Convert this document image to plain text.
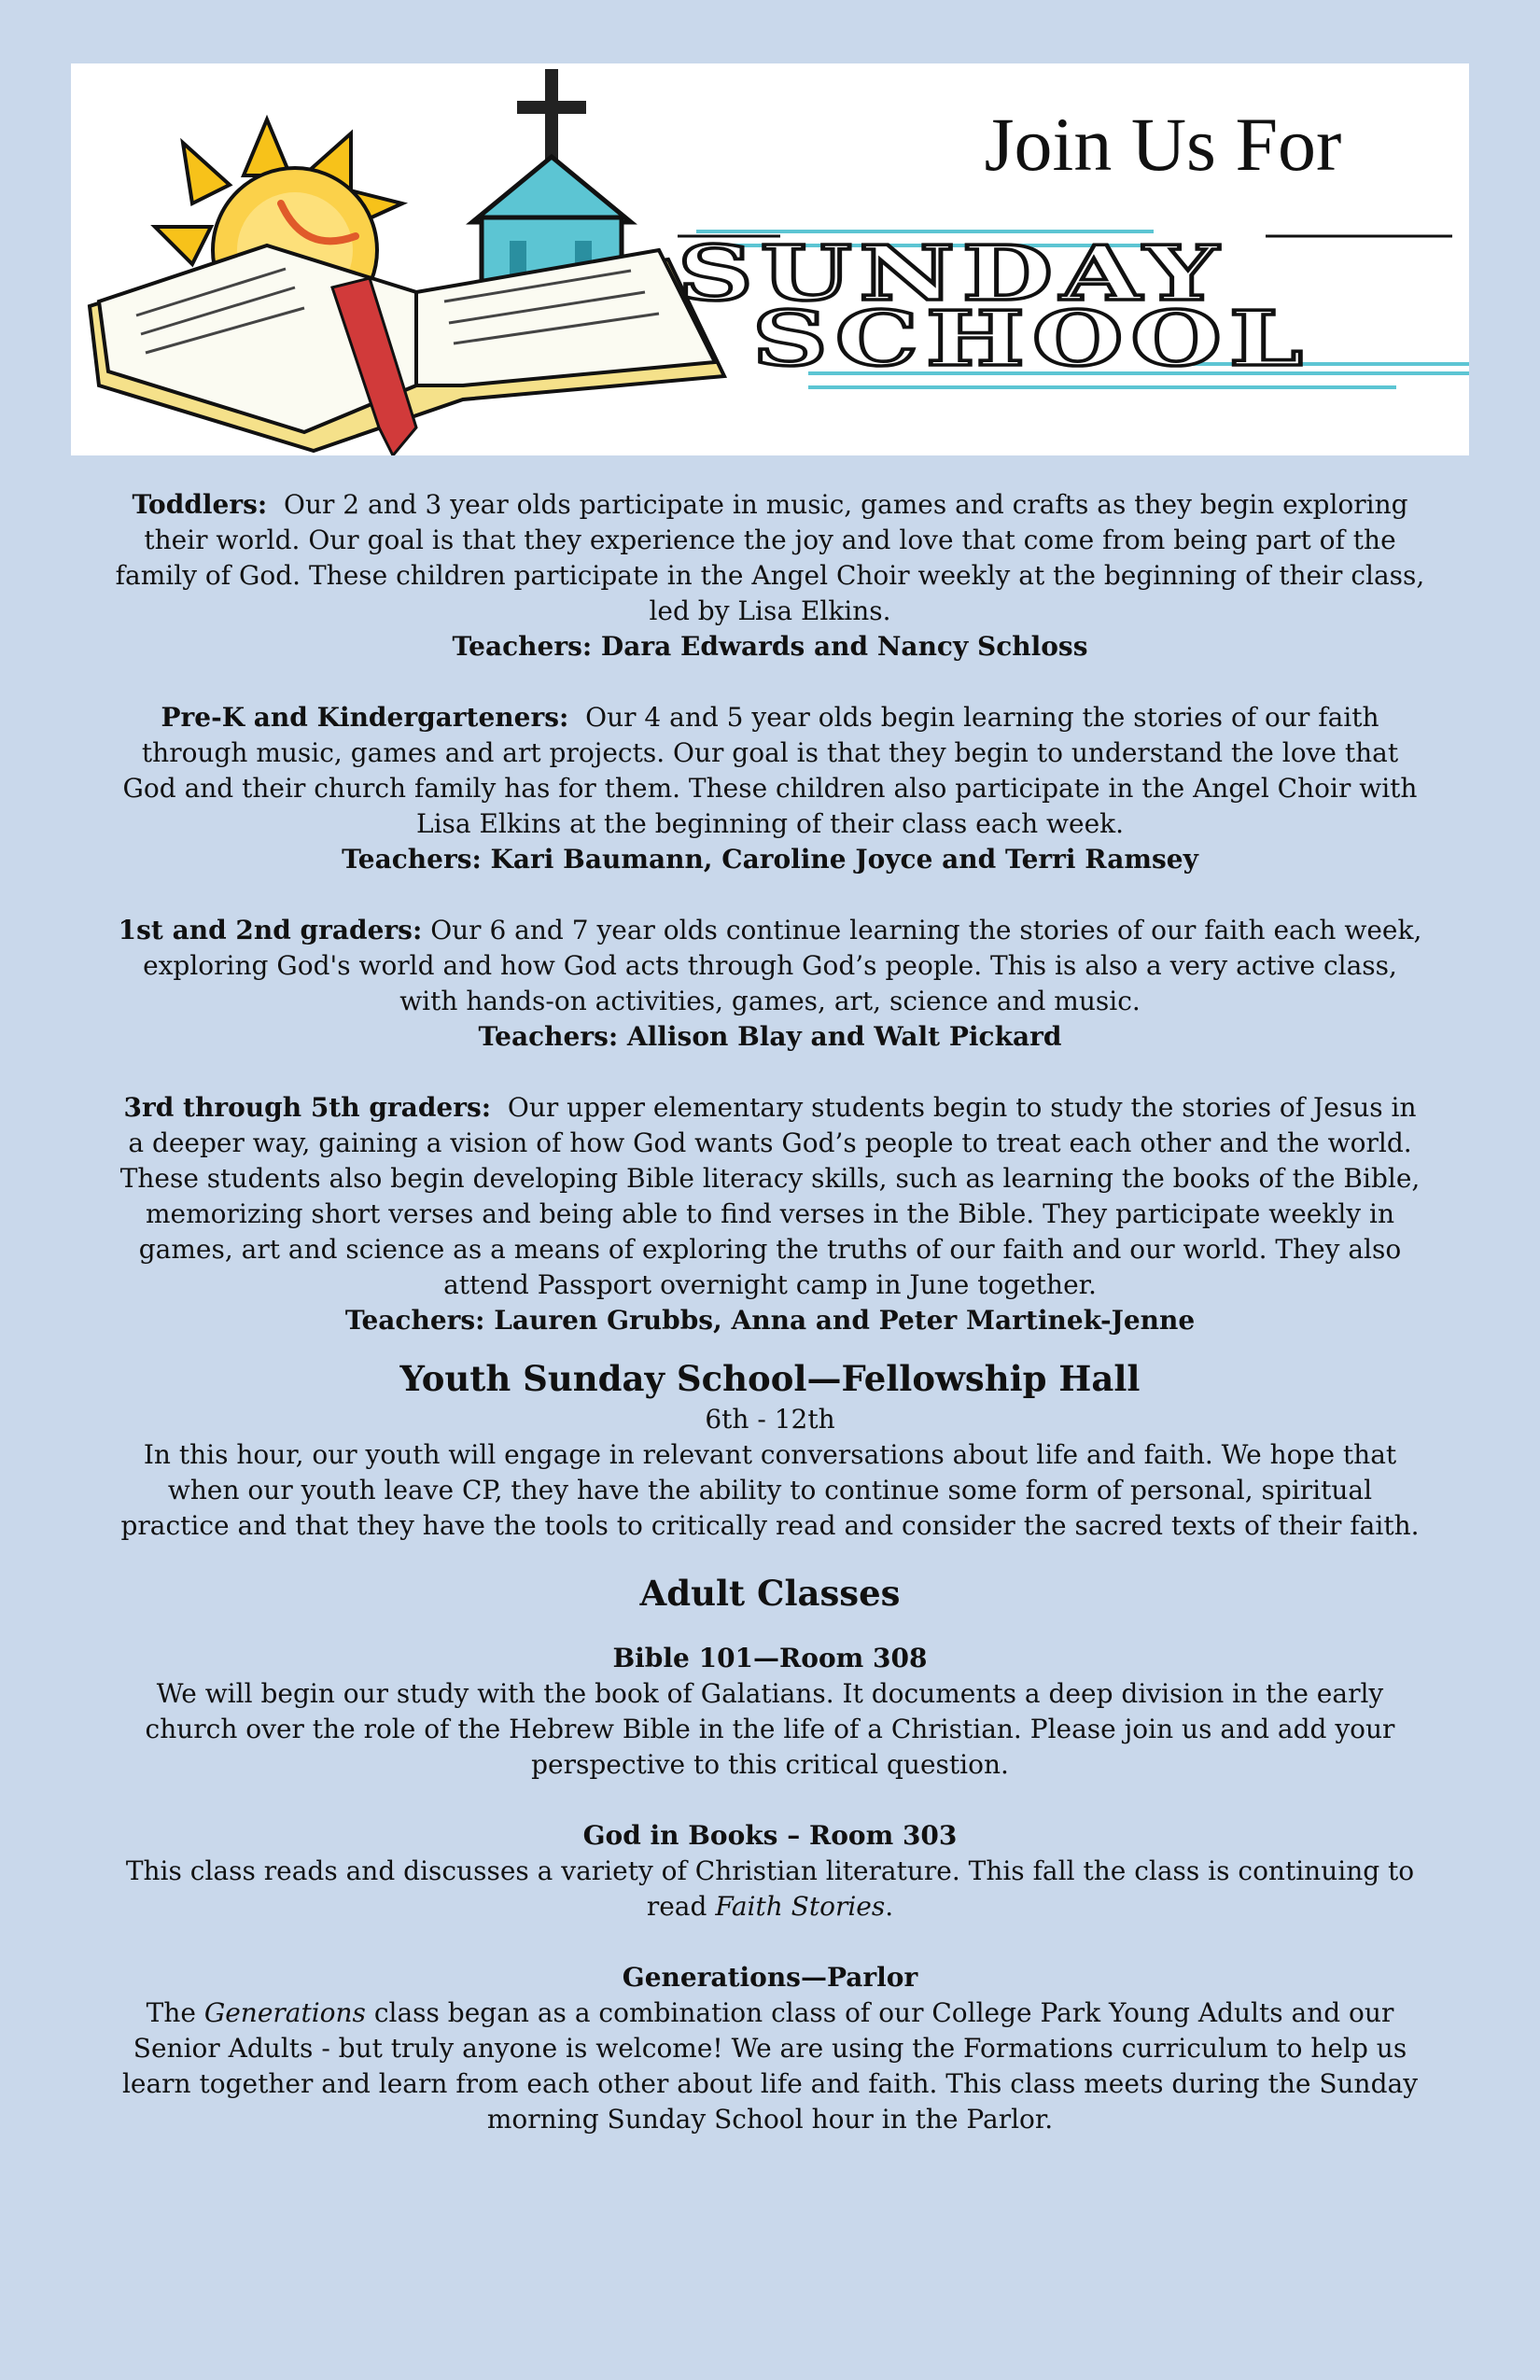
Join Us For
SUNDAY
SCHOOL
Toddlers: Our 2 and 3 year olds participate in music, games and crafts as they begin exploring their world. Our goal is that they experience the joy and love that come from being part of the family of God. These children participate in the Angel Choir weekly at the beginning of their class, led by Lisa Elkins.
Teachers: Dara Edwards and Nancy Schloss
Pre-K and Kindergarteners: Our 4 and 5 year olds begin learning the stories of our faith through music, games and art projects. Our goal is that they begin to understand the love that God and their church family has for them. These children also participate in the Angel Choir with Lisa Elkins at the beginning of their class each week.
Teachers: Kari Baumann, Caroline Joyce and Terri Ramsey
1st and 2nd graders: Our 6 and 7 year olds continue learning the stories of our faith each week, exploring God's world and how God acts through God’s people. This is also a very active class, with hands-on activities, games, art, science and music.
Teachers: Allison Blay and Walt Pickard
3rd through 5th graders: Our upper elementary students begin to study the stories of Jesus in a deeper way, gaining a vision of how God wants God’s people to treat each other and the world. These students also begin developing Bible literacy skills, such as learning the books of the Bible, memorizing short verses and being able to find verses in the Bible. They participate weekly in games, art and science as a means of exploring the truths of our faith and our world. They also attend Passport overnight camp in June together.
Teachers: Lauren Grubbs, Anna and Peter Martinek-Jenne
Youth Sunday School—Fellowship Hall
6th - 12th
In this hour, our youth will engage in relevant conversations about life and faith. We hope that when our youth leave CP, they have the ability to continue some form of personal, spiritual practice and that they have the tools to critically read and consider the sacred texts of their faith.
Adult Classes
Bible 101—Room 308
We will begin our study with the book of Galatians. It documents a deep division in the early church over the role of the Hebrew Bible in the life of a Christian. Please join us and add your perspective to this critical question.
God in Books – Room 303
This class reads and discusses a variety of Christian literature. This fall the class is continuing to read Faith Stories.
Generations—Parlor
The Generations class began as a combination class of our College Park Young Adults and our Senior Adults - but truly anyone is welcome! We are using the Formations curriculum to help us learn together and learn from each other about life and faith. This class meets during the Sunday morning Sunday School hour in the Parlor.
